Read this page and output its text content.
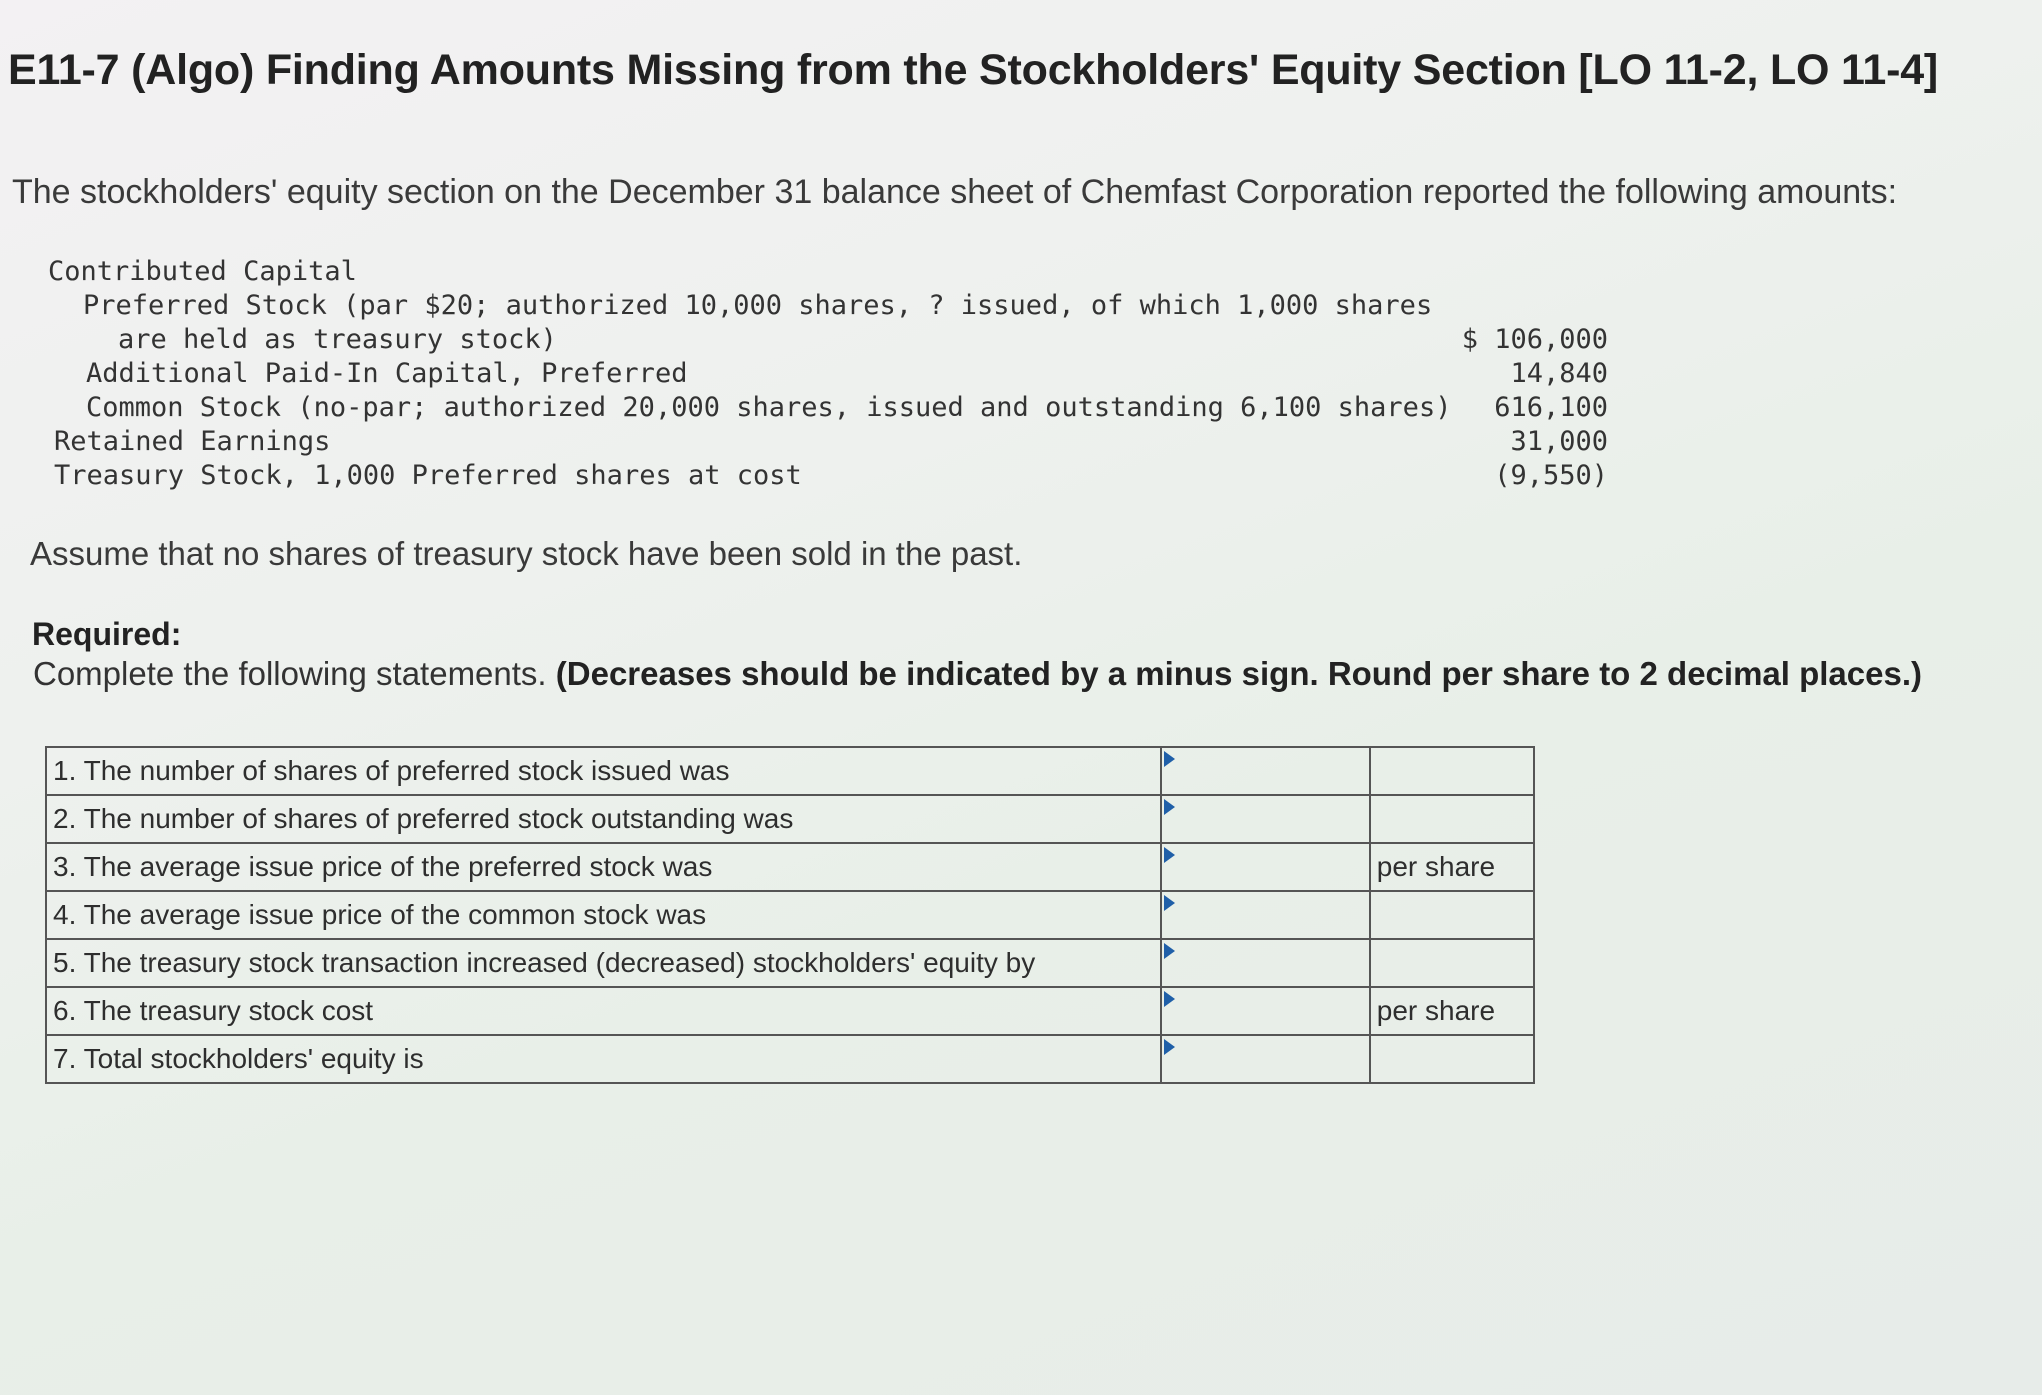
E11-7 (Algo) Finding Amounts Missing from the Stockholders' Equity Section [LO 11-2, LO 11-4]
The stockholders' equity section on the December 31 balance sheet of Chemfast Corporation reported the following amounts:
Contributed Capital
Preferred Stock (par $20; authorized 10,000 shares, ? issued, of which 1,000 shares
are held as treasury stock)	$ 106,000
Additional Paid-In Capital, Preferred	14,840
Common Stock (no-par; authorized 20,000 shares, issued and outstanding 6,100 shares)	616,100
Retained Earnings	31,000
Treasury Stock, 1,000 Preferred shares at cost	(9,550)
Assume that no shares of treasury stock have been sold in the past.
Required:
Complete the following statements. (Decreases should be indicated by a minus sign. Round per share to 2 decimal places.)
1. The number of shares of preferred stock issued was	

2. The number of shares of preferred stock outstanding was	

3. The average issue price of the preferred stock was		per share
4. The average issue price of the common stock was	

5. The treasury stock transaction increased (decreased) stockholders' equity by	

6. The treasury stock cost		per share
7. Total stockholders' equity is	
